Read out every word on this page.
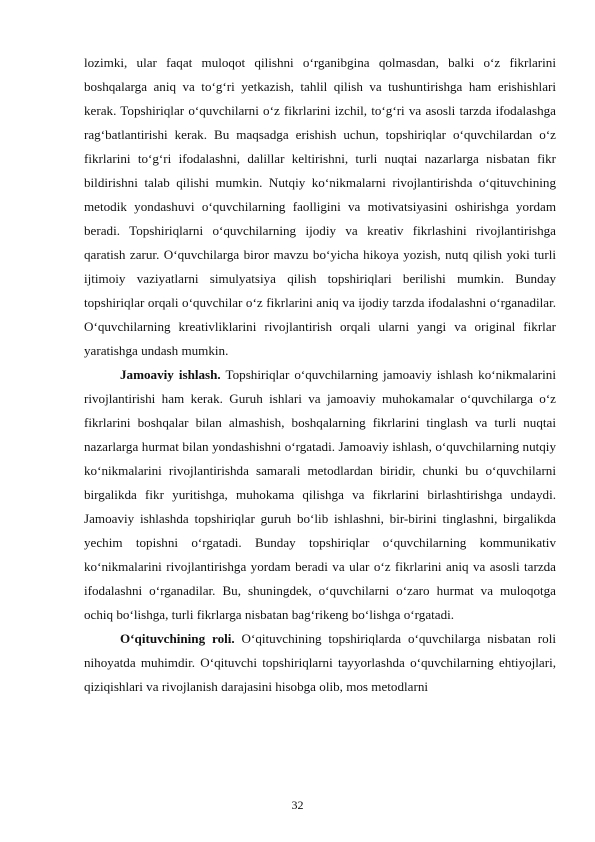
lozimki, ular faqat muloqot qilishni o‘rganibgina qolmasdan, balki o‘z fikrlarini boshqalarga aniq va to‘g‘ri yetkazish, tahlil qilish va tushuntirishga ham erishishlari kerak. Topshiriqlar o‘quvchilarni o‘z fikrlarini izchil, to‘g‘ri va asosli tarzda ifodalashga rag‘batlantirishi kerak. Bu maqsadga erishish uchun, topshiriqlar o‘quvchilardan o‘z fikrlarini to‘g‘ri ifodalashni, dalillar keltirishni, turli nuqtai nazarlarga nisbatan fikr bildirishni talab qilishi mumkin. Nutqiy ko‘nikmalarni rivojlantirishda o‘qituvchining metodik yondashuvi o‘quvchilarning faolligini va motivatsiyasini oshirishga yordam beradi. Topshiriqlarni o‘quvchilarning ijodiy va kreativ fikrlashini rivojlantirishga qaratish zarur. O‘quvchilarga biror mavzu bo‘yicha hikoya yozish, nutq qilish yoki turli ijtimoiy vaziyatlarni simulyatsiya qilish topshiriqlari berilishi mumkin. Bunday topshiriqlar orqali o‘quvchilar o‘z fikrlarini aniq va ijodiy tarzda ifodalashni o‘rganadilar. O‘quvchilarning kreativliklarini rivojlantirish orqali ularni yangi va original fikrlar yaratishga undash mumkin.

Jamoaviy ishlash. Topshiriqlar o‘quvchilarning jamoaviy ishlash ko‘nikmalarini rivojlantirishi ham kerak. Guruh ishlari va jamoaviy muhokamalar o‘quvchilarga o‘z fikrlarini boshqalar bilan almashish, boshqalarning fikrlarini tinglash va turli nuqtai nazarlarga hurmat bilan yondashishni o‘rgatadi. Jamoaviy ishlash, o‘quvchilarning nutqiy ko‘nikmalarini rivojlantirishda samarali metodlardan biridir, chunki bu o‘quvchilarni birgalikda fikr yuritishga, muhokama qilishga va fikrlarini birlashtirishga undaydi. Jamoaviy ishlashda topshiriqlar guruh bo‘lib ishlashni, bir-birini tinglashni, birgalikda yechim topishni o‘rgatadi. Bunday topshiriqlar o‘quvchilarning kommunikativ ko‘nikmalarini rivojlantirishga yordam beradi va ular o‘z fikrlarini aniq va asosli tarzda ifodalashni o‘rganadilar. Bu, shuningdek, o‘quvchilarni o‘zaro hurmat va muloqotga ochiq bo‘lishga, turli fikrlarga nisbatan bag‘rikeng bo‘lishga o‘rgatadi.

O‘qituvchining roli. O‘qituvchining topshiriqlarda o‘quvchilarga nisbatan roli nihoyatda muhimdir. O‘qituvchi topshiriqlarni tayyorlashda o‘quvchilarning ehtiyojlari, qiziqishlari va rivojlanish darajasini hisobga olib, mos metodlarni

32
